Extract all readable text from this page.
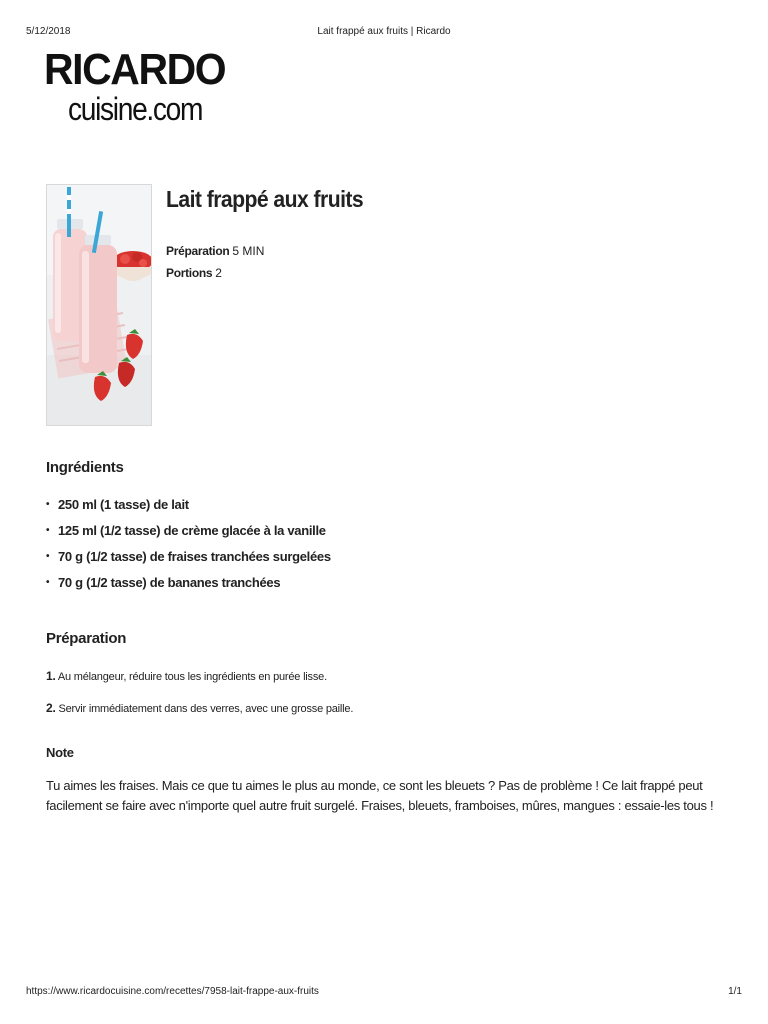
5/12/2018	Lait frappé aux fruits | Ricardo
RICARDO
cuisine.com
Lait frappé aux fruits
Préparation 5 MIN
Portions 2
Ingrédients
• 250 ml (1 tasse) de lait
• 125 ml (1/2 tasse) de crème glacée à la vanille
• 70 g (1/2 tasse) de fraises tranchées surgelées
• 70 g (1/2 tasse) de bananes tranchées
Préparation
1. Au mélangeur, réduire tous les ingrédients en purée lisse.
2. Servir immédiatement dans des verres, avec une grosse paille.
Note

Tu aimes les fraises. Mais ce que tu aimes le plus au monde, ce sont les bleuets ? Pas de problème ! Ce lait frappé peut facilement se faire avec n'importe quel autre fruit surgelé. Fraises, bleuets, framboises, mûres, mangues : essaie-les tous !

https://www.ricardocuisine.com/recettes/7958-lait-frappe-aux-fruits	1/1
